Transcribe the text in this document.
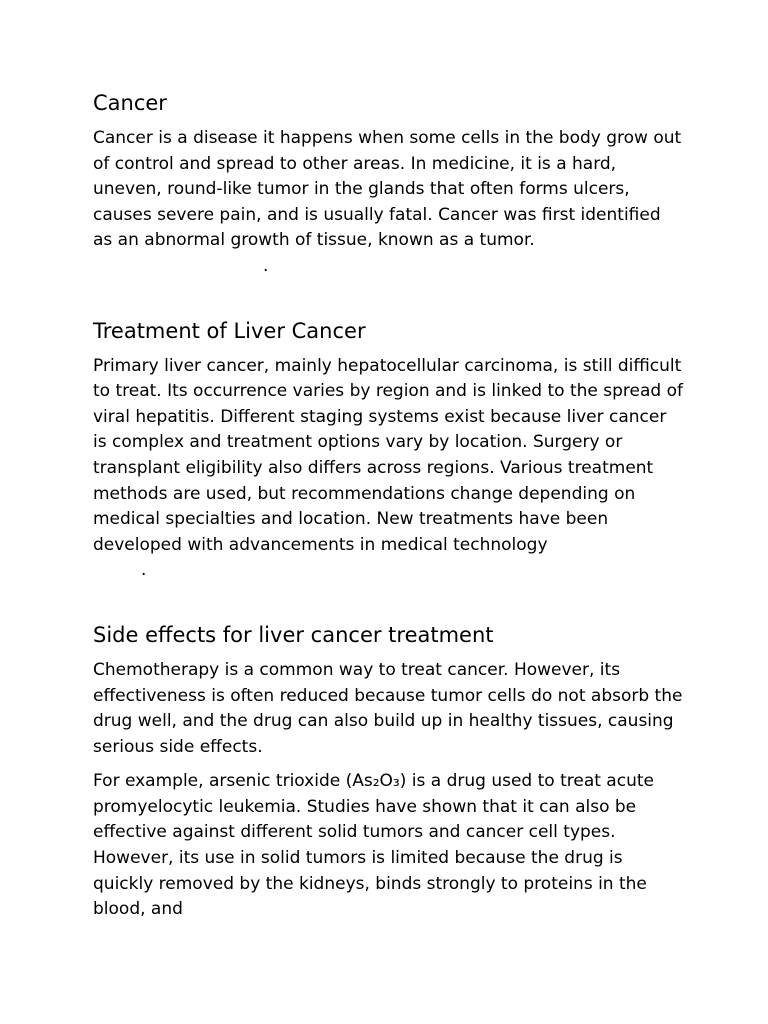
Cancer

Cancer is a disease it happens when some cells in the body grow out of control and spread to other areas. In medicine, it is a hard, uneven, round-like tumor in the glands that often forms ulcers, causes severe pain, and is usually fatal. Cancer was first identified as an abnormal growth of tissue, known as a tumor..

Treatment of Liver Cancer

Primary liver cancer, mainly hepatocellular carcinoma, is still difficult to treat. Its occurrence varies by region and is linked to the spread of viral hepatitis. Different staging systems exist because liver cancer is complex and treatment options vary by location. Surgery or transplant eligibility also differs across regions. Various treatment methods are used, but recommendations change depending on medical specialties and location. New treatments have been developed with advancements in medical technology
.

Side effects for liver cancer treatment

Chemotherapy is a common way to treat cancer. However, its effectiveness is often reduced because tumor cells do not absorb the drug well, and the drug can also build up in healthy tissues, causing serious side effects.

For example, arsenic trioxide (As₂O₃) is a drug used to treat acute promyelocytic leukemia. Studies have shown that it can also be effective against different solid tumors and cancer cell types. However, its use in solid tumors is limited because the drug is quickly removed by the kidneys, binds strongly to proteins in the blood, and
